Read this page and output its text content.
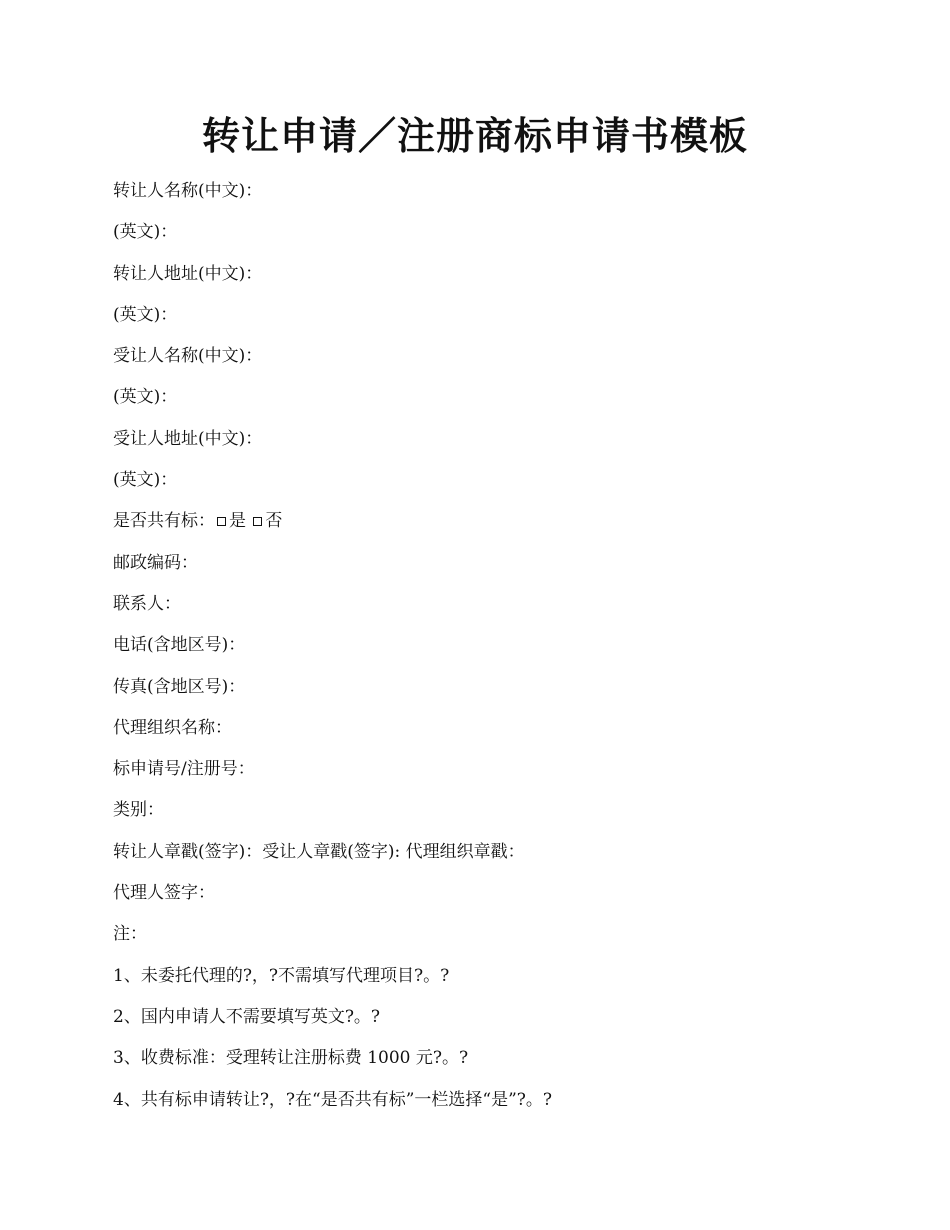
转让申请／注册商标申请书模板
转让人名称(中文)：
(英文)：
转让人地址(中文)：
(英文)：
受让人名称(中文)：
(英文)：
受让人地址(中文)：
(英文)：
是否共有标： 是 否
邮政编码：
联系人：
电话(含地区号)：
传真(含地区号)：
代理组织名称：
标申请号/注册号：
类别：
转让人章戳(签字)：受让人章戳(签字): 代理组织章戳：
代理人签字：
注：
1、未委托代理的?，?不需填写代理项目?。?
2、国内申请人不需要填写英文?。?
3、收费标准：受理转让注册标费 1000 元?。?
4、共有标申请转让?，?在“是否共有标”一栏选择“是”?。?
